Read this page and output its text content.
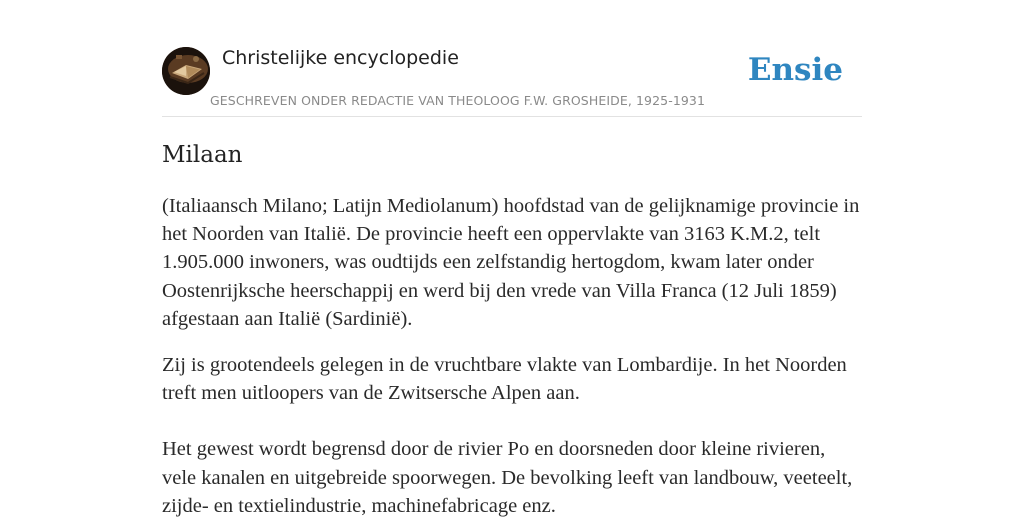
Christelijke encyclopedie
GESCHREVEN ONDER REDACTIE VAN THEOLOOG F.W. GROSHEIDE, 1925-1931
Ensie
Milaan

(Italiaansch Milano; Latijn Mediolanum) hoofdstad van de gelijknamige provincie in het Noorden van Italië. De provincie heeft een oppervlakte van 3163 K.M.2, telt 1.905.000 inwoners, was oudtijds een zelfstandig hertogdom, kwam later onder Oostenrijksche heerschappij en werd bij den vrede van Villa Franca (12 Juli 1859) afgestaan aan Italië (Sardinië).

Zij is grootendeels gelegen in de vruchtbare vlakte van Lombardije. In het Noorden treft men uitloopers van de Zwitsersche Alpen aan.

Het gewest wordt begrensd door de rivier Po en doorsneden door kleine rivieren, vele kanalen en uitgebreide spoorwegen. De bevolking leeft van landbouw, veeteelt, zijde- en textielindustrie, machinefabricage enz.
